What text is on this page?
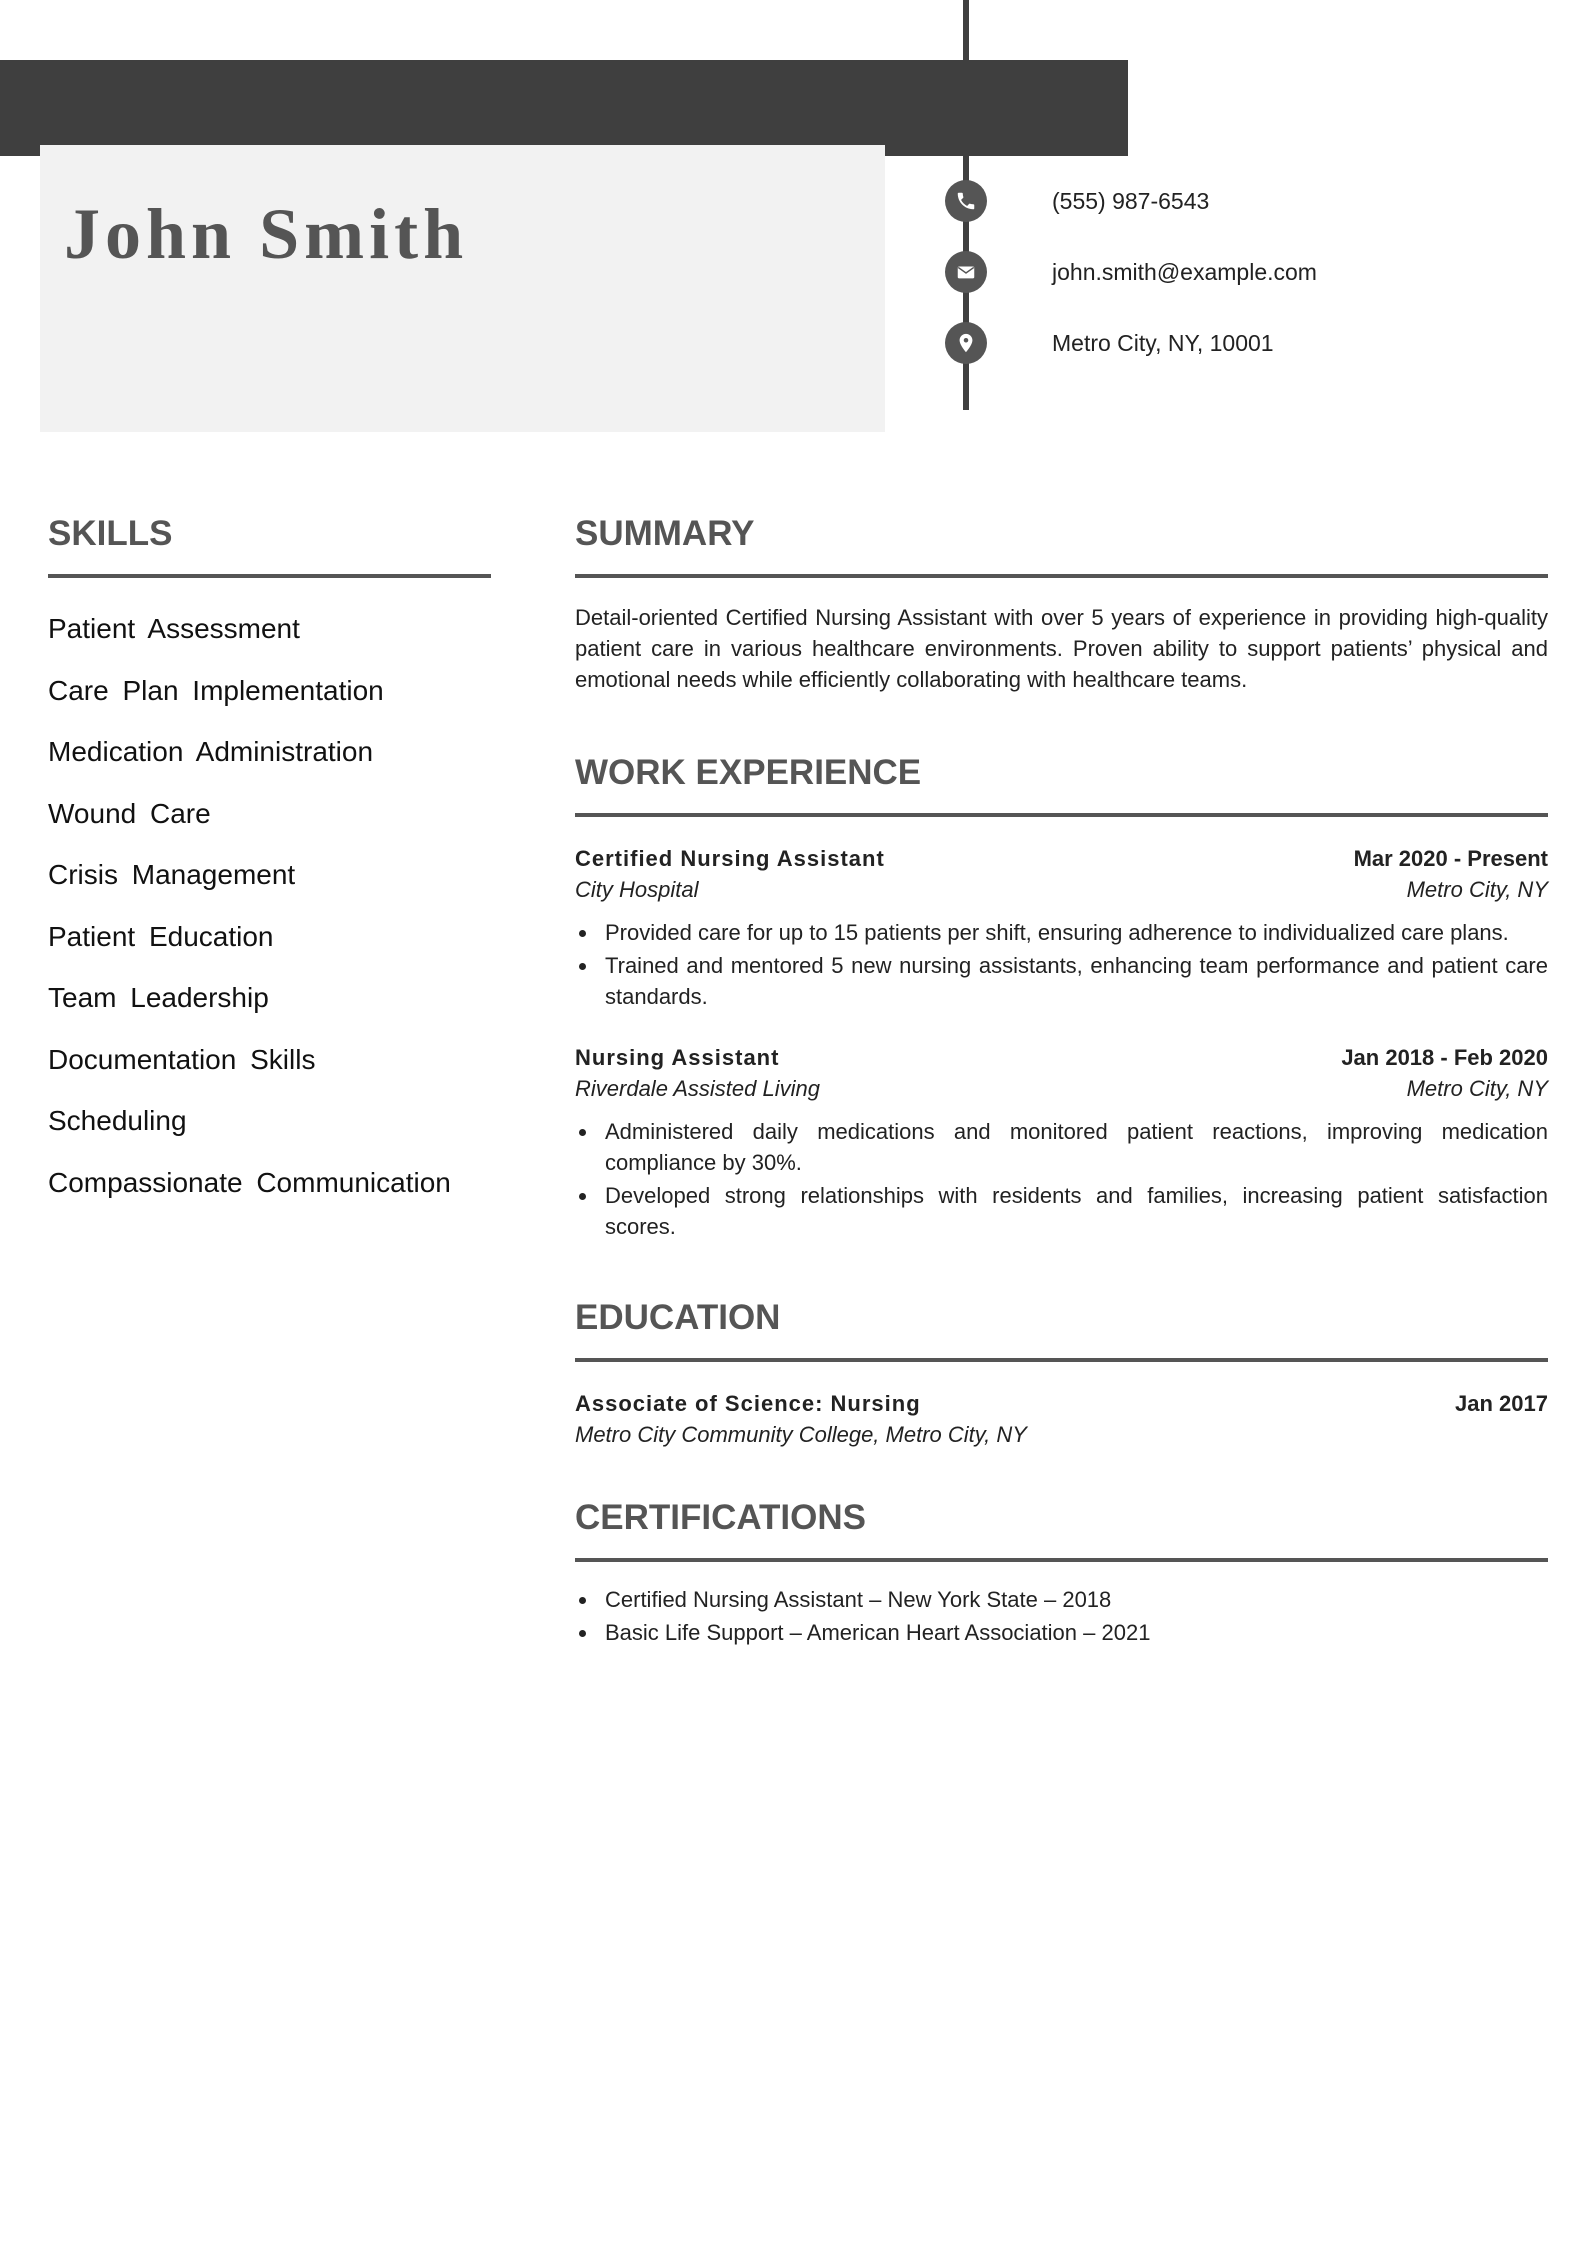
John Smith	(555) 987-6543
john.smith@example.com
Metro City, NY, 10001
SKILLS
Patient Assessment
Care Plan Implementation
Medication Administration
Wound Care
Crisis Management
Patient Education
Team Leadership
Documentation Skills
Scheduling
Compassionate Communication
SUMMARY

Detail-oriented Certified Nursing Assistant with over 5 years of experience in providing high-quality patient care in various healthcare environments. Proven ability to support patients’ physical and emotional needs while efficiently collaborating with healthcare teams.

WORK EXPERIENCE
Certified Nursing Assistant	Mar 2020 - Present
City Hospital	Metro City, NY
Provided care for up to 15 patients per shift, ensuring adherence to individualized care plans.
Trained and mentored 5 new nursing assistants, enhancing team performance and patient care standards.
Nursing Assistant	Jan 2018 - Feb 2020
Riverdale Assisted Living	Metro City, NY
Administered daily medications and monitored patient reactions, improving medication compliance by 30%.
Developed strong relationships with residents and families, increasing patient satisfaction scores.
EDUCATION
Associate of Science: Nursing	Jan 2017
Metro City Community College, Metro City, NY
CERTIFICATIONS
Certified Nursing Assistant – New York State – 2018
Basic Life Support – American Heart Association – 2021
